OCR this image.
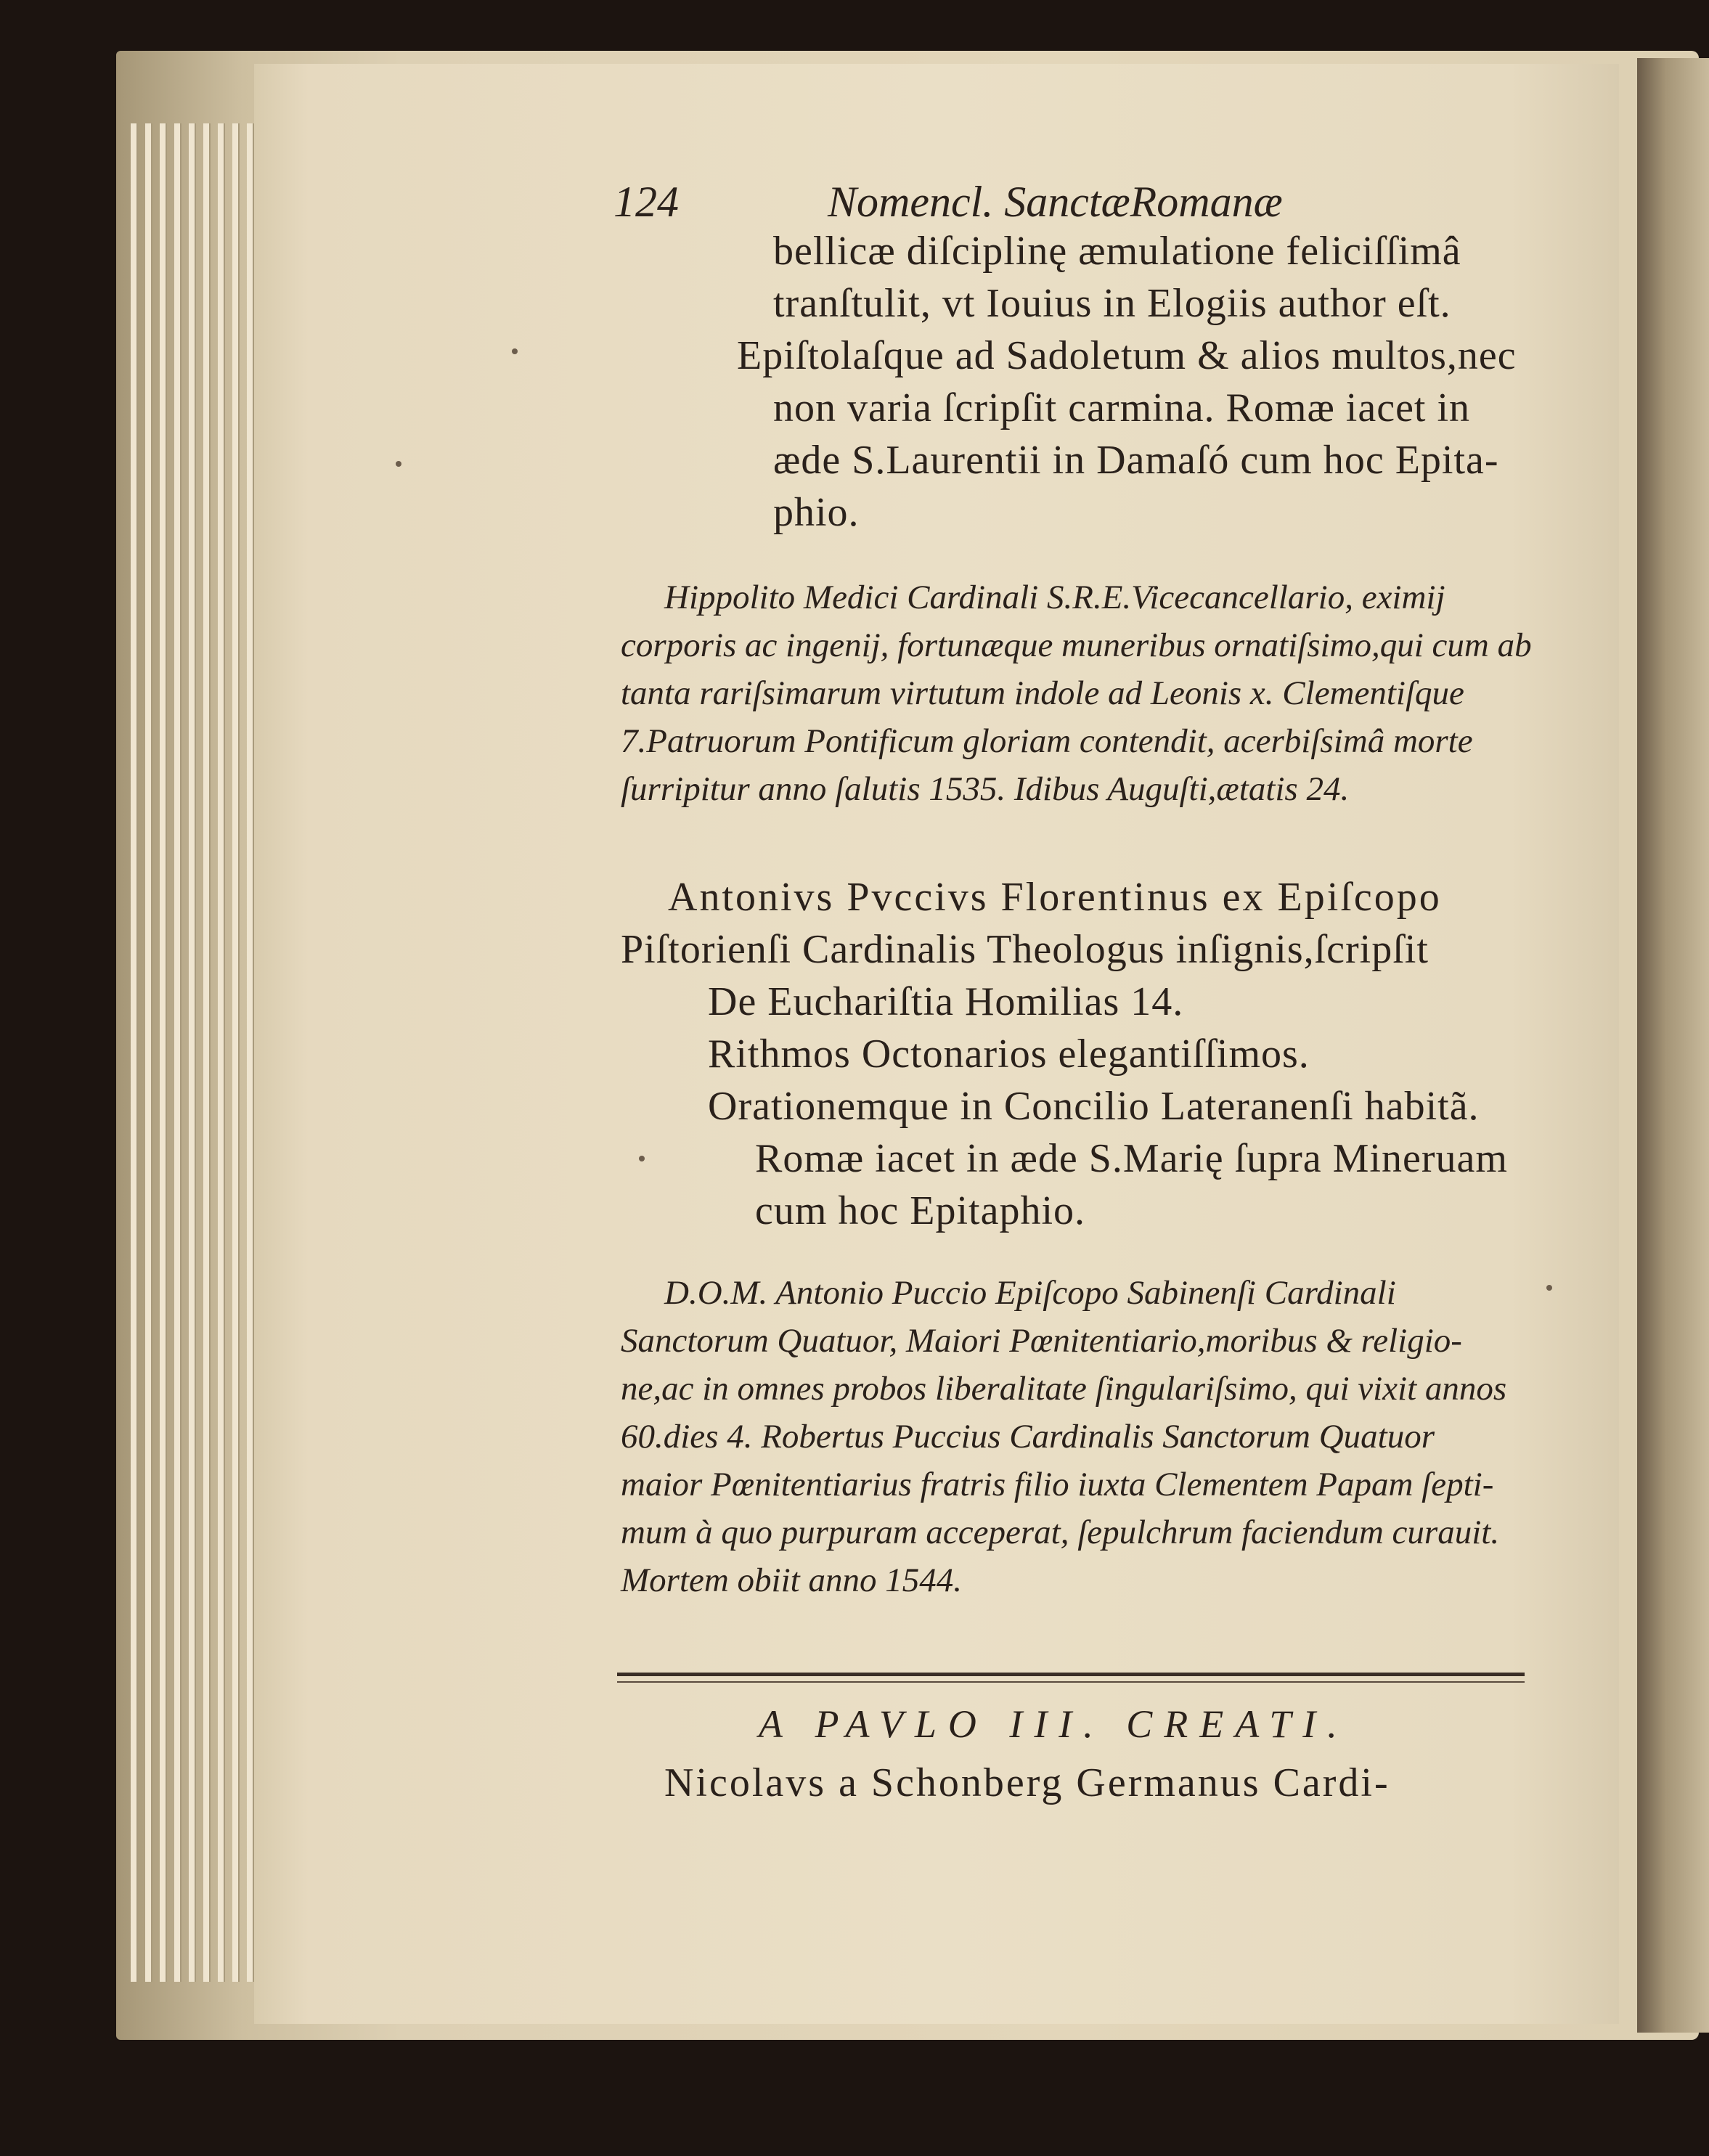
124	Nomencl. SanctæRomanæ
bellicæ diſciplinę æmulatione feliciſſimâ
tranſtulit, vt Iouius in Elogiis author eſt.
Epiſtolaſque ad Sadoletum & alios multos,nec
non varia ſcripſit carmina. Romæ iacet in
æde S.Laurentii in Damaſó cum hoc Epita-
phio.
Hippolito Medici Cardinali S.R.E.Vicecancellario, eximij
corporis ac ingenij, fortunæque muneribus ornatiſsimo,qui cum ab
tanta rariſsimarum virtutum indole ad Leonis x. Clementiſque
7.Patruorum Pontificum gloriam contendit, acerbiſsimâ morte
ſurripitur anno ſalutis 1535. Idibus Auguſti,ætatis 24.
Antonivs Pvccivs Florentinus ex Epiſcopo
Piſtorienſi Cardinalis Theologus inſignis,ſcripſit
De Euchariſtia Homilias 14.
Rithmos Octonarios elegantiſſimos.
Orationemque in Concilio Lateranenſi habitã.
Romæ iacet in æde S.Marię ſupra Mineruam
cum hoc Epitaphio.
D.O.M. Antonio Puccio Epiſcopo Sabinenſi Cardinali
Sanctorum Quatuor, Maiori Pœnitentiario,moribus & religio-
ne,ac in omnes probos liberalitate ſingulariſsimo, qui vixit annos
60.dies 4. Robertus Puccius Cardinalis Sanctorum Quatuor
maior Pœnitentiarius fratris filio iuxta Clementem Papam ſepti-
mum à quo purpuram acceperat, ſepulchrum faciendum curauit.
Mortem obiit anno 1544.
A PAVLO III. CREATI.
Nicolavs a Schonberg Germanus Cardi-
